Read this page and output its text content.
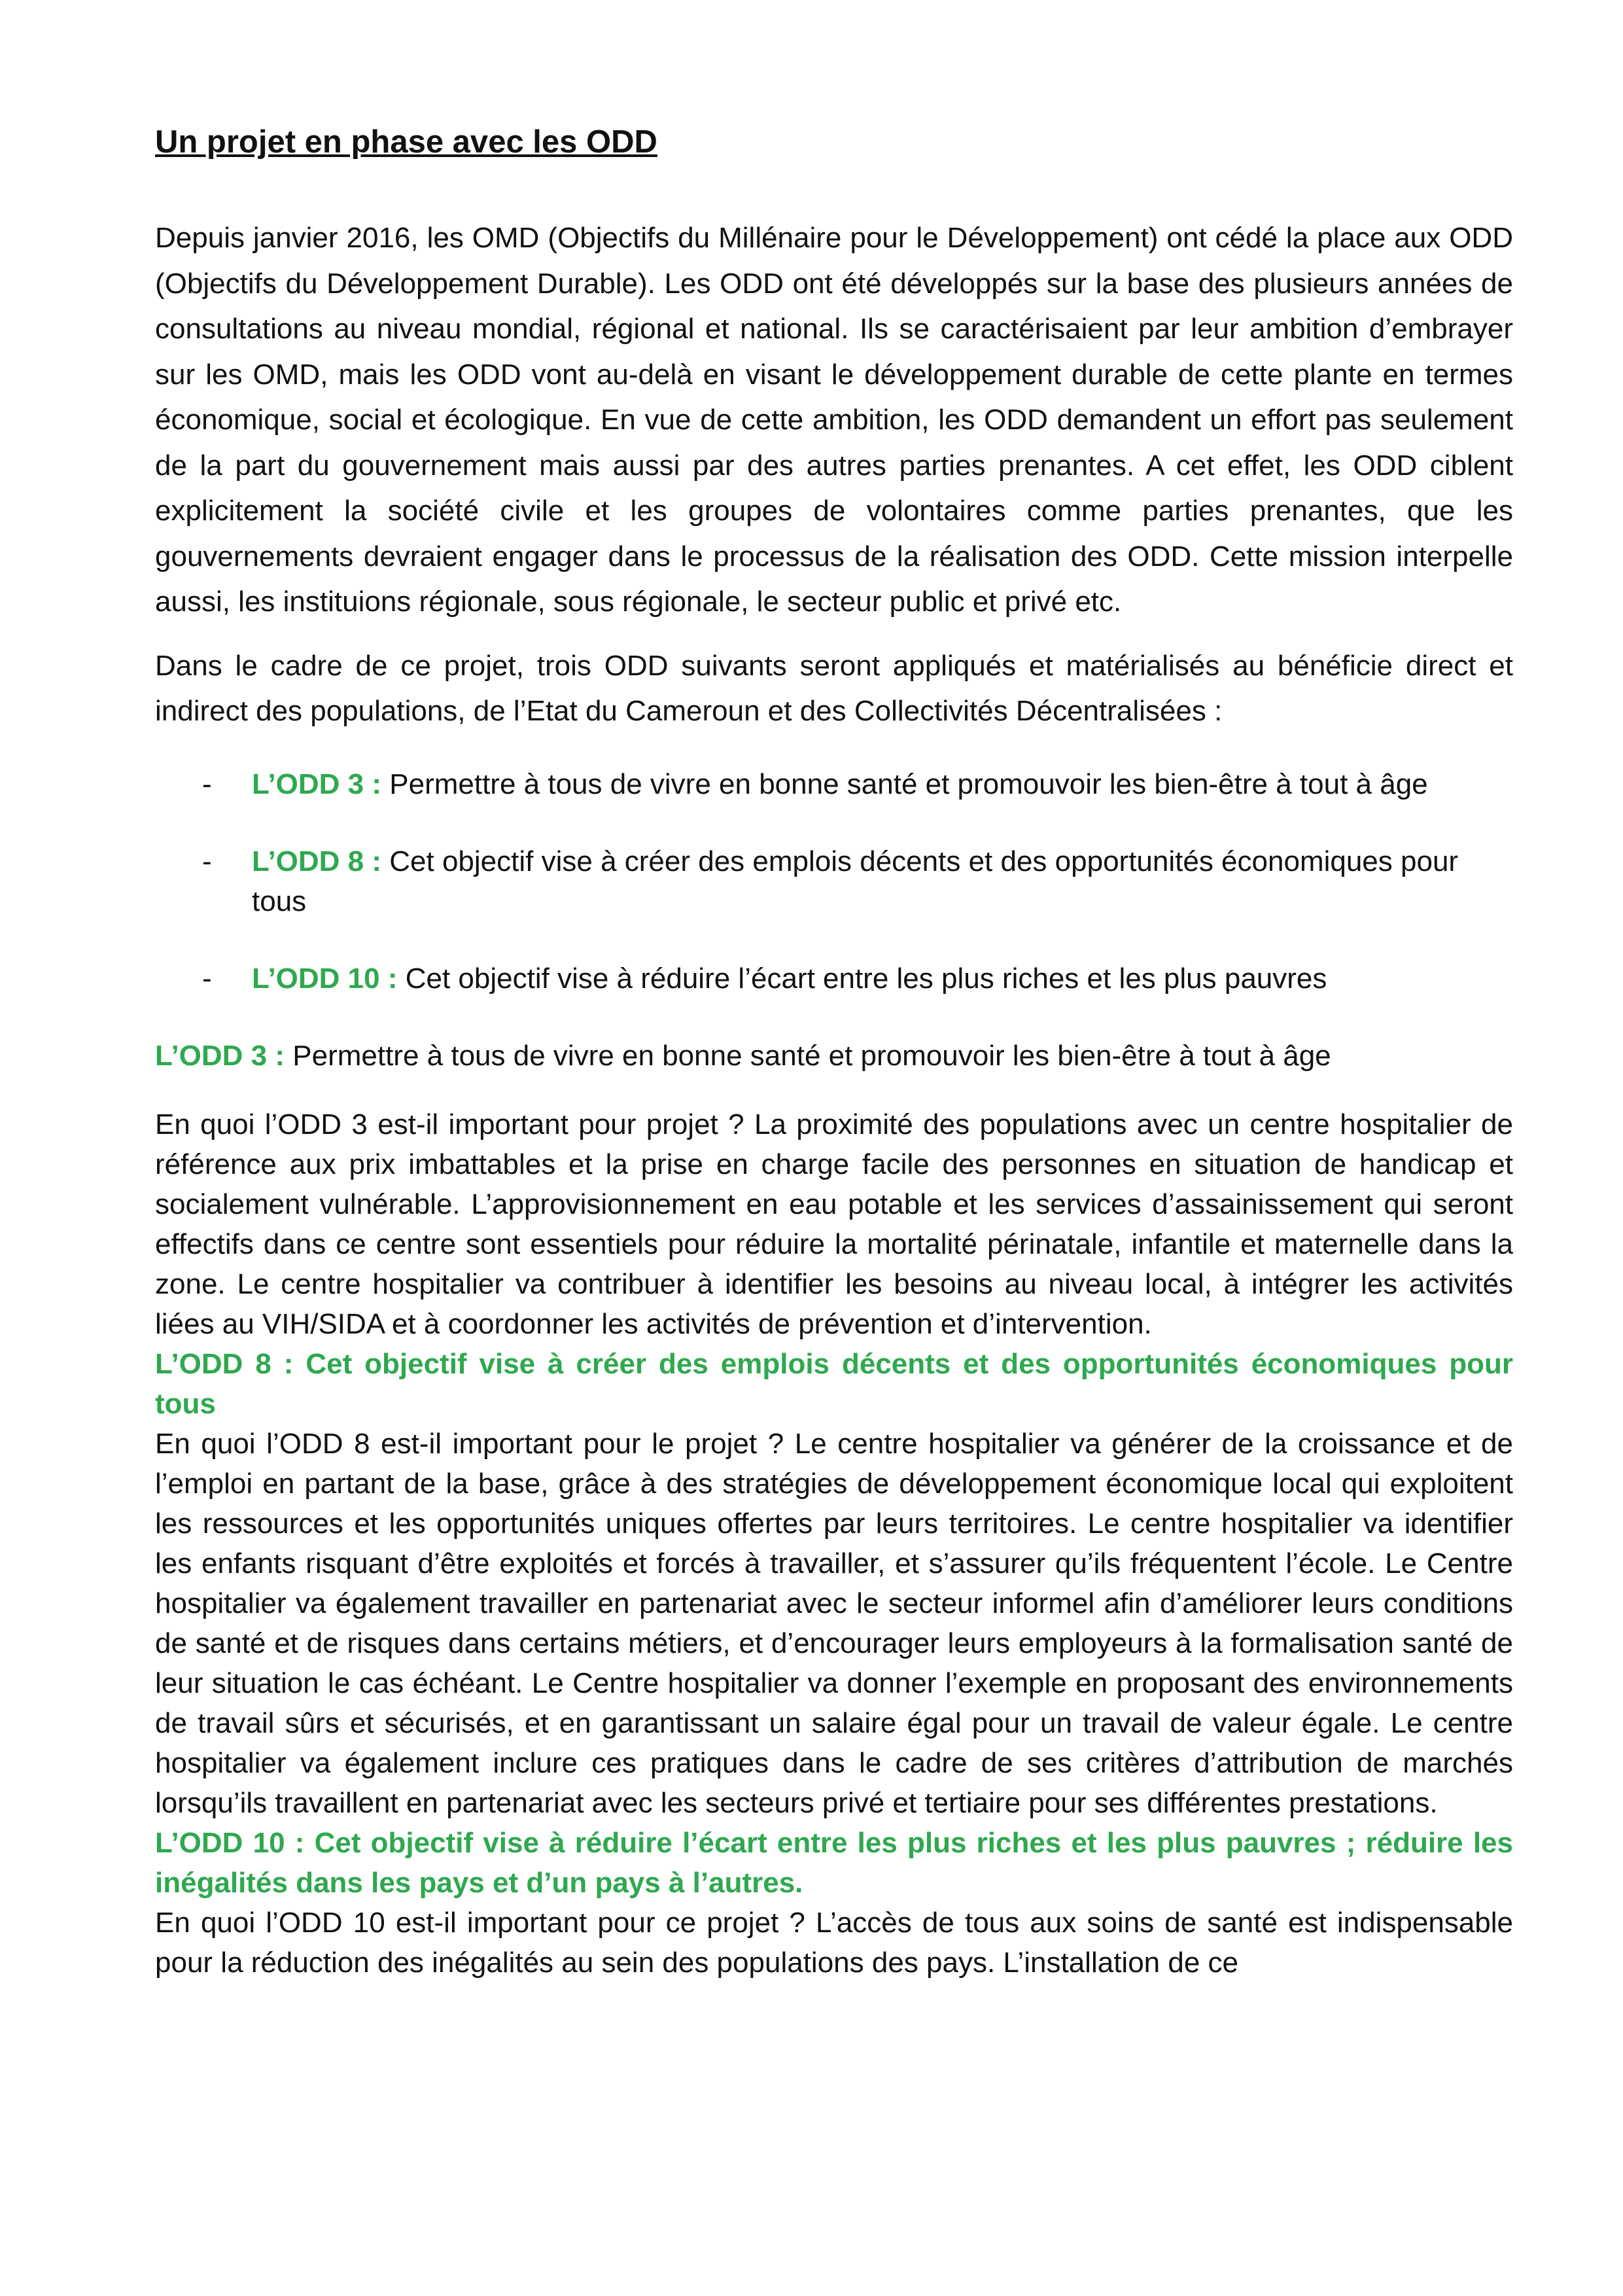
Un projet en phase avec les ODD

Depuis janvier 2016, les OMD (Objectifs du Millénaire pour le Développement) ont cédé la place aux ODD (Objectifs du Développement Durable). Les ODD ont été développés sur la base des plusieurs années de consultations au niveau mondial, régional et national. Ils se caractérisaient par leur ambition d’embrayer sur les OMD, mais les ODD vont au-delà en visant le développement durable de cette plante en termes économique, social et écologique. En vue de cette ambition, les ODD demandent un effort pas seulement de la part du gouvernement mais aussi par des autres parties prenantes. A cet effet, les ODD ciblent explicitement la société civile et les groupes de volontaires comme parties prenantes, que les gouvernements devraient engager dans le processus de la réalisation des ODD. Cette mission interpelle aussi, les instituions régionale, sous régionale, le secteur public et privé etc.

Dans le cadre de ce projet, trois ODD suivants seront appliqués et matérialisés au bénéficie direct et indirect des populations, de l’Etat du Cameroun et des Collectivités Décentralisées :

- L’ODD 3 : Permettre à tous de vivre en bonne santé et promouvoir les bien-être à tout à âge
- L’ODD 8 : Cet objectif vise à créer des emplois décents et des opportunités économiques pour tous
- L’ODD 10 : Cet objectif vise à réduire l’écart entre les plus riches et les plus pauvres

L’ODD 3 : Permettre à tous de vivre en bonne santé et promouvoir les bien-être à tout à âge

En quoi l’ODD 3 est-il important pour projet ? La proximité des populations avec un centre hospitalier de référence aux prix imbattables et la prise en charge facile des personnes en situation de handicap et socialement vulnérable. L’approvisionnement en eau potable et les services d’assainissement qui seront effectifs dans ce centre sont essentiels pour réduire la mortalité périnatale, infantile et maternelle dans la zone. Le centre hospitalier va contribuer à identifier les besoins au niveau local, à intégrer les activités liées au VIH/SIDA et à coordonner les activités de prévention et d’intervention.

L’ODD 8 : Cet objectif vise à créer des emplois décents et des opportunités économiques pour tous

En quoi l’ODD 8 est-il important pour le projet ? Le centre hospitalier va générer de la croissance et de l’emploi en partant de la base, grâce à des stratégies de développement économique local qui exploitent les ressources et les opportunités uniques offertes par leurs territoires. Le centre hospitalier va identifier les enfants risquant d’être exploités et forcés à travailler, et s’assurer qu’ils fréquentent l’école. Le Centre hospitalier va également travailler en partenariat avec le secteur informel afin d’améliorer leurs conditions de santé et de risques dans certains métiers, et d’encourager leurs employeurs à la formalisation santé de leur situation le cas échéant. Le Centre hospitalier va donner l’exemple en proposant des environnements de travail sûrs et sécurisés, et en garantissant un salaire égal pour un travail de valeur égale. Le centre hospitalier va également inclure ces pratiques dans le cadre de ses critères d’attribution de marchés lorsqu’ils travaillent en partenariat avec les secteurs privé et tertiaire pour ses différentes prestations.

L’ODD 10 : Cet objectif vise à réduire l’écart entre les plus riches et les plus pauvres ; réduire les inégalités dans les pays et d’un pays à l’autres.

En quoi l’ODD 10 est-il important pour ce projet ? L’accès de tous aux soins de santé est indispensable pour la réduction des inégalités au sein des populations des pays. L’installation de ce
